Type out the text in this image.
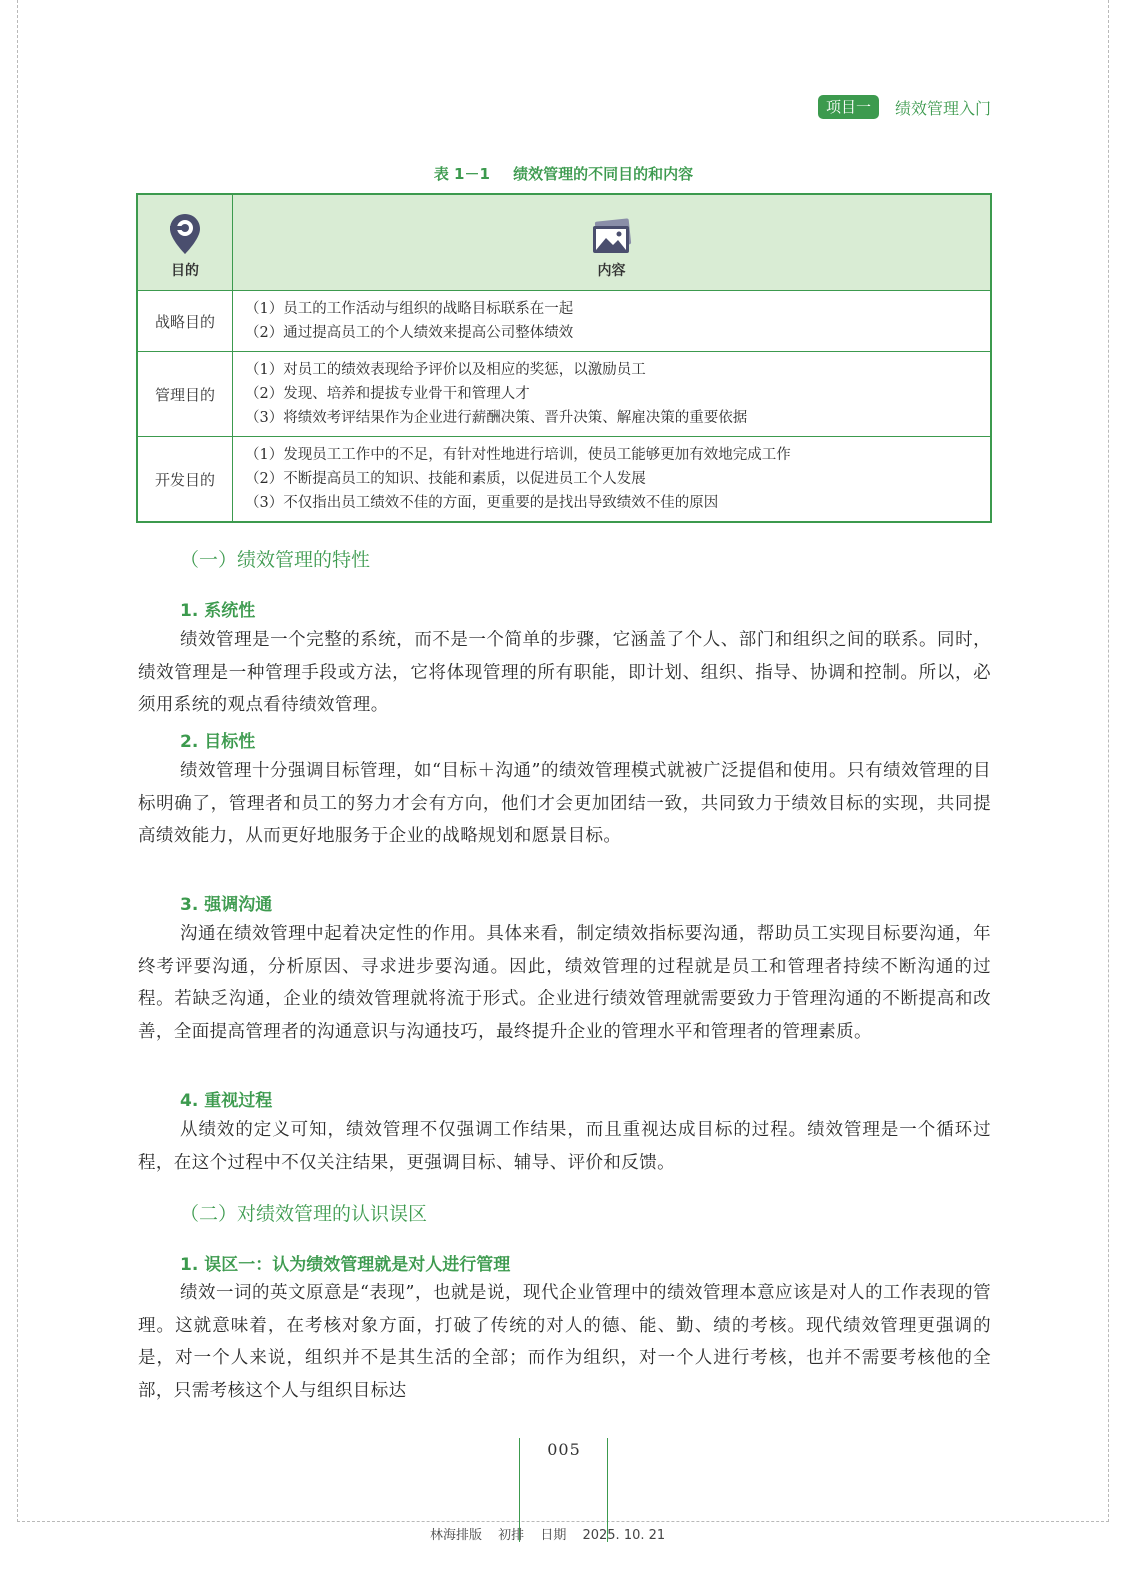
项目一	绩效管理入门
表 1－1 绩效管理的不同目的和内容
目的	内容
战略目的	（1）员工的工作活动与组织的战略目标联系在一起
（2）通过提高员工的个人绩效来提高公司整体绩效

管理目的	（1）对员工的绩效表现给予评价以及相应的奖惩，以激励员工
（2）发现、培养和提拔专业骨干和管理人才
（3）将绩效考评结果作为企业进行薪酬决策、晋升决策、解雇决策的重要依据

开发目的	（1）发现员工工作中的不足，有针对性地进行培训，使员工能够更加有效地完成工作
（2）不断提高员工的知识、技能和素质，以促进员工个人发展
（3）不仅指出员工绩效不佳的方面，更重要的是找出导致绩效不佳的原因
（一）绩效管理的特性
1. 系统性
绩效管理是一个完整的系统，而不是一个简单的步骤，它涵盖了个人、部门和组织之间的联系。同时，绩效管理是一种管理手段或方法，它将体现管理的所有职能，即计划、组织、指导、协调和控制。所以，必须用系统的观点看待绩效管理。
2. 目标性
绩效管理十分强调目标管理，如“目标＋沟通”的绩效管理模式就被广泛提倡和使用。只有绩效管理的目标明确了，管理者和员工的努力才会有方向，他们才会更加团结一致，共同致力于绩效目标的实现，共同提高绩效能力，从而更好地服务于企业的战略规划和愿景目标。
3. 强调沟通
沟通在绩效管理中起着决定性的作用。具体来看，制定绩效指标要沟通，帮助员工实现目标要沟通，年终考评要沟通，分析原因、寻求进步要沟通。因此，绩效管理的过程就是员工和管理者持续不断沟通的过程。若缺乏沟通，企业的绩效管理就将流于形式。企业进行绩效管理就需要致力于管理沟通的不断提高和改善，全面提高管理者的沟通意识与沟通技巧，最终提升企业的管理水平和管理者的管理素质。
4. 重视过程
从绩效的定义可知，绩效管理不仅强调工作结果，而且重视达成目标的过程。绩效管理是一个循环过程，在这个过程中不仅关注结果，更强调目标、辅导、评价和反馈。
（二）对绩效管理的认识误区
1. 误区一：认为绩效管理就是对人进行管理
绩效一词的英文原意是“表现”，也就是说，现代企业管理中的绩效管理本意应该是对人的工作表现的管理。这就意味着，在考核对象方面，打破了传统的对人的德、能、勤、绩的考核。现代绩效管理更强调的是，对一个人来说，组织并不是其生活的全部；而作为组织，对一个人进行考核，也并不需要考核他的全部，只需考核这个人与组织目标达
005
林海排版 初排 日期 2025. 10. 21
